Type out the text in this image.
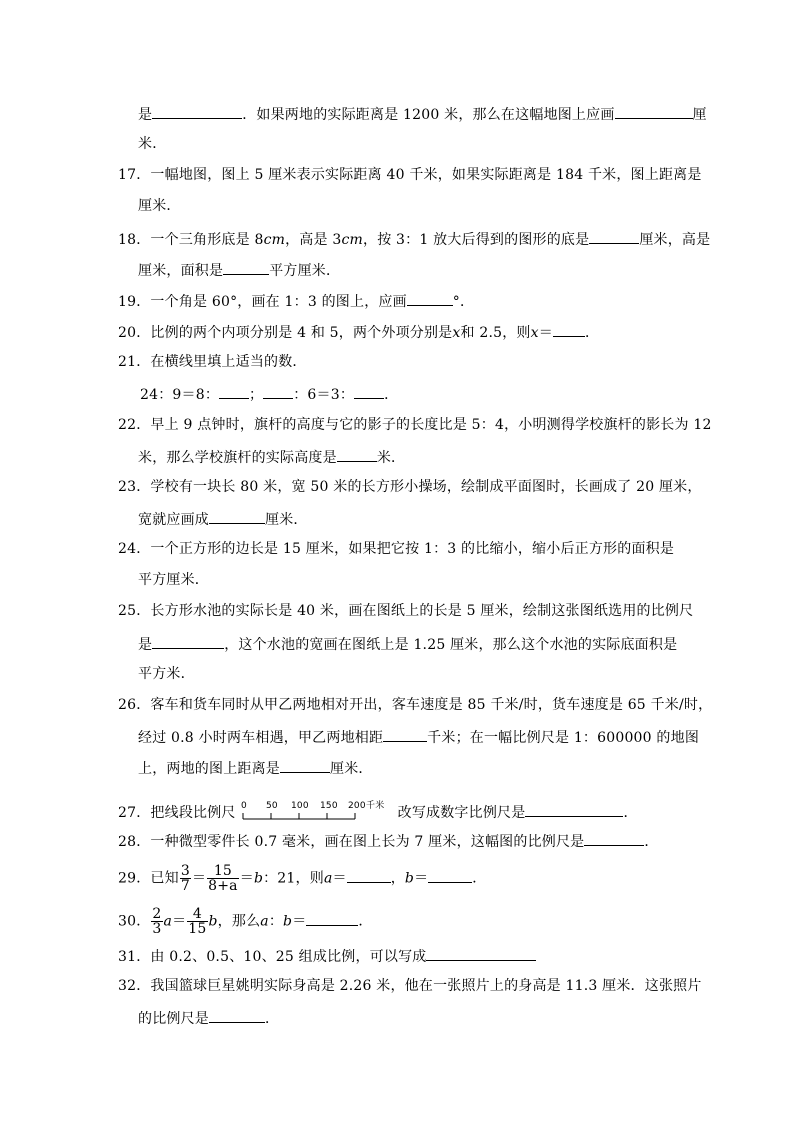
是	．如果两地的实际距离是 1200 米，那么在这幅地图上应画	厘
米．
17．一幅地图，图上 5 厘米表示实际距离 40 千米，如果实际距离是 184 千米，图上距离是
厘米．
18．一个三角形底是 8cm，高是 3cm，按 3：1 放大后得到的图形的底是	厘米，高是
厘米，面积是	平方厘米．
19．一个角是 60°，画在 1：3 的图上，应画	°．
20．比例的两个内项分别是 4 和 5，两个外项分别是x和 2.5，则x＝ ．
21．在横线里填上适当的数．
24：9＝8： ； ：6＝3： ．
22．早上 9 点钟时，旗杆的高度与它的影子的长度比是 5：4，小明测得学校旗杆的影长为 12
米，那么学校旗杆的实际高度是	米．
23．学校有一块长 80 米，宽 50 米的长方形小操场，绘制成平面图时，长画成了 20 厘米，
宽就应画成	厘米．
24．一个正方形的边长是 15 厘米，如果把它按 1：3 的比缩小，缩小后正方形的面积是
平方厘米．
25．长方形水池的实际长是 40 米，画在图纸上的长是 5 厘米，绘制这张图纸选用的比例尺
是	，这个水池的宽画在图纸上是 1.25 厘米，那么这个水池的实际底面积是
平方米．
26．客车和货车同时从甲乙两地相对开出，客车速度是 85 千米/时，货车速度是 65 千米/时，
经过 0.8 小时两车相遇，甲乙两地相距	千米；在一幅比例尺是 1：600000 的地图
上，两地的图上距离是	厘米．
27．把线段比例尺 0 50 100 150 200 千米 改写成数字比例尺是	．
28．一种微型零件长 0.7 毫米，画在图上长为 7 厘米，这幅图的比例尺是	．
29．已知 $\frac{3}{7} = \frac{15}{8+a} =b$：21，则a＝	，b＝	．
30． $\frac{2}{3} a= \frac{4}{15}$ b，那么a：b＝	．
31．由 0.2、0.5、10、25 组成比例，可以写成
32．我国篮球巨星姚明实际身高是 2.26 米，他在一张照片上的身高是 11.3 厘米．这张照片
的比例尺是	．
